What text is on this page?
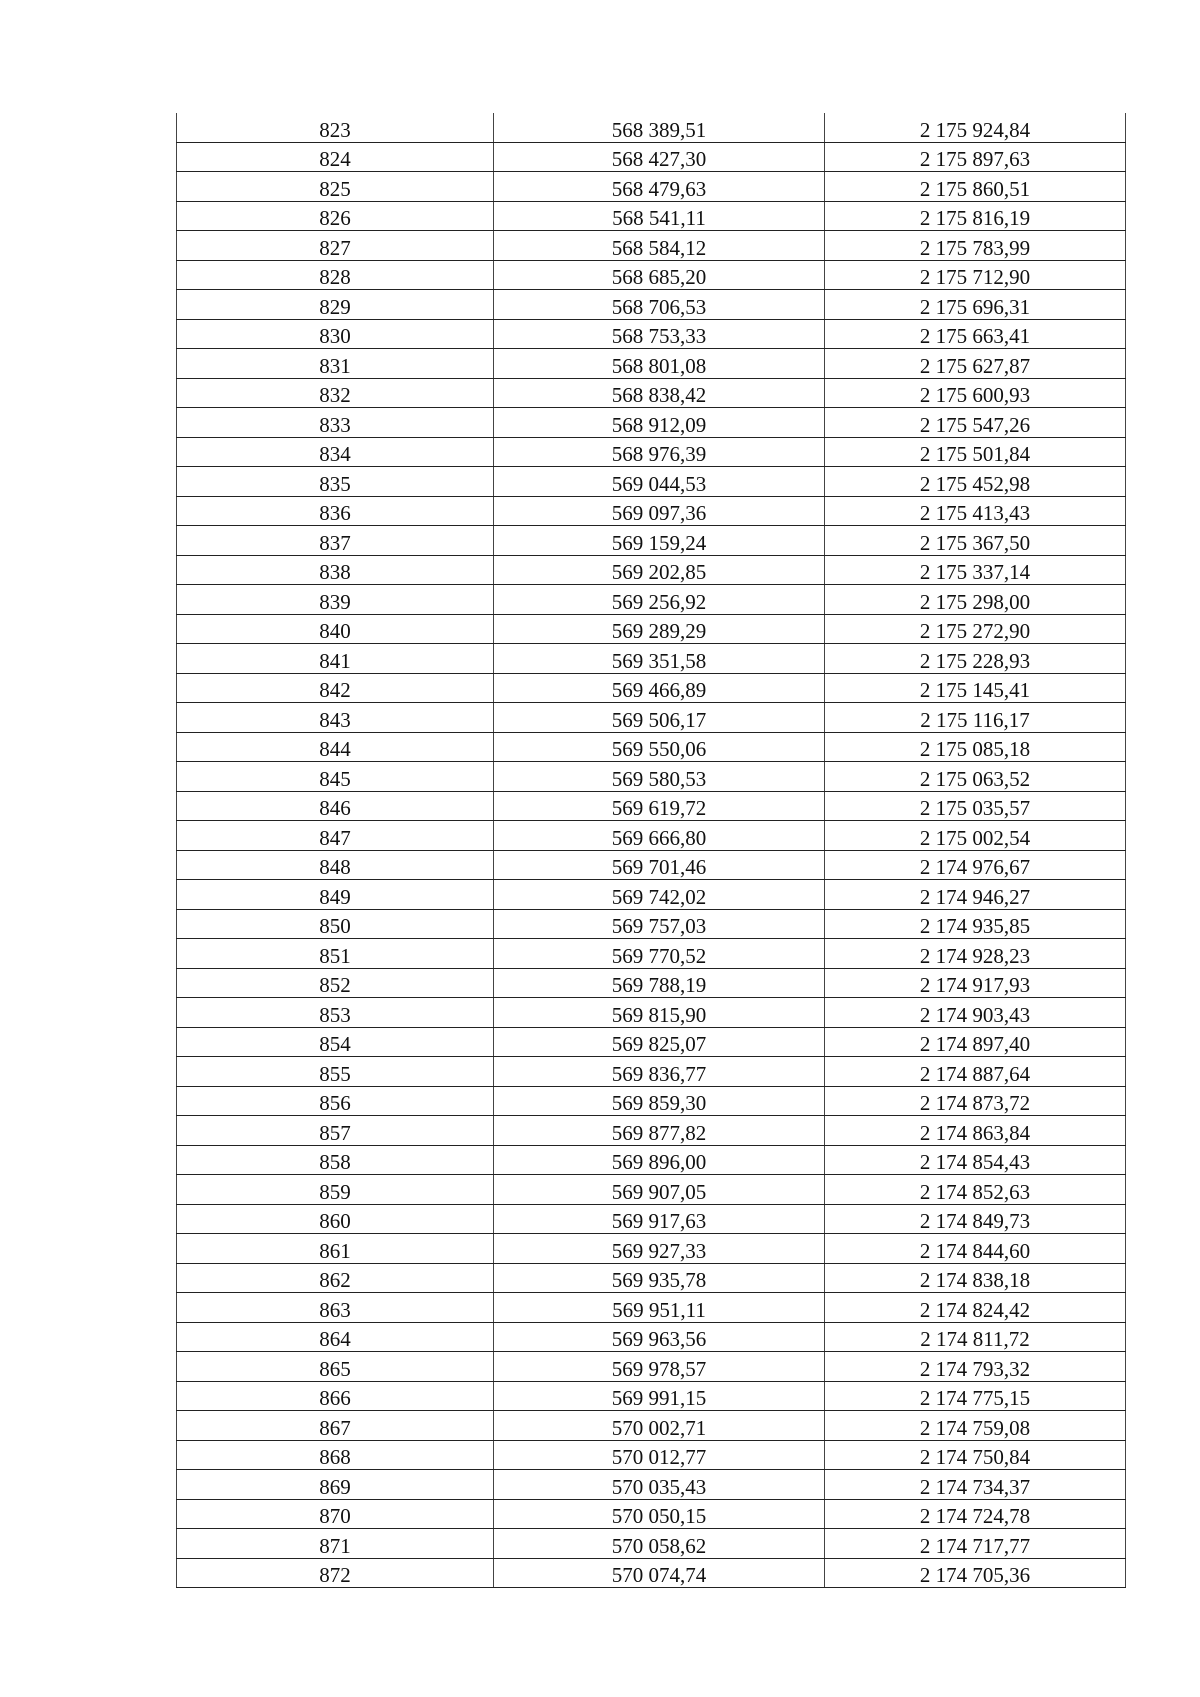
823	568 389,51	2 175 924,84
824	568 427,30	2 175 897,63
825	568 479,63	2 175 860,51
826	568 541,11	2 175 816,19
827	568 584,12	2 175 783,99
828	568 685,20	2 175 712,90
829	568 706,53	2 175 696,31
830	568 753,33	2 175 663,41
831	568 801,08	2 175 627,87
832	568 838,42	2 175 600,93
833	568 912,09	2 175 547,26
834	568 976,39	2 175 501,84
835	569 044,53	2 175 452,98
836	569 097,36	2 175 413,43
837	569 159,24	2 175 367,50
838	569 202,85	2 175 337,14
839	569 256,92	2 175 298,00
840	569 289,29	2 175 272,90
841	569 351,58	2 175 228,93
842	569 466,89	2 175 145,41
843	569 506,17	2 175 116,17
844	569 550,06	2 175 085,18
845	569 580,53	2 175 063,52
846	569 619,72	2 175 035,57
847	569 666,80	2 175 002,54
848	569 701,46	2 174 976,67
849	569 742,02	2 174 946,27
850	569 757,03	2 174 935,85
851	569 770,52	2 174 928,23
852	569 788,19	2 174 917,93
853	569 815,90	2 174 903,43
854	569 825,07	2 174 897,40
855	569 836,77	2 174 887,64
856	569 859,30	2 174 873,72
857	569 877,82	2 174 863,84
858	569 896,00	2 174 854,43
859	569 907,05	2 174 852,63
860	569 917,63	2 174 849,73
861	569 927,33	2 174 844,60
862	569 935,78	2 174 838,18
863	569 951,11	2 174 824,42
864	569 963,56	2 174 811,72
865	569 978,57	2 174 793,32
866	569 991,15	2 174 775,15
867	570 002,71	2 174 759,08
868	570 012,77	2 174 750,84
869	570 035,43	2 174 734,37
870	570 050,15	2 174 724,78
871	570 058,62	2 174 717,77
872	570 074,74	2 174 705,36
